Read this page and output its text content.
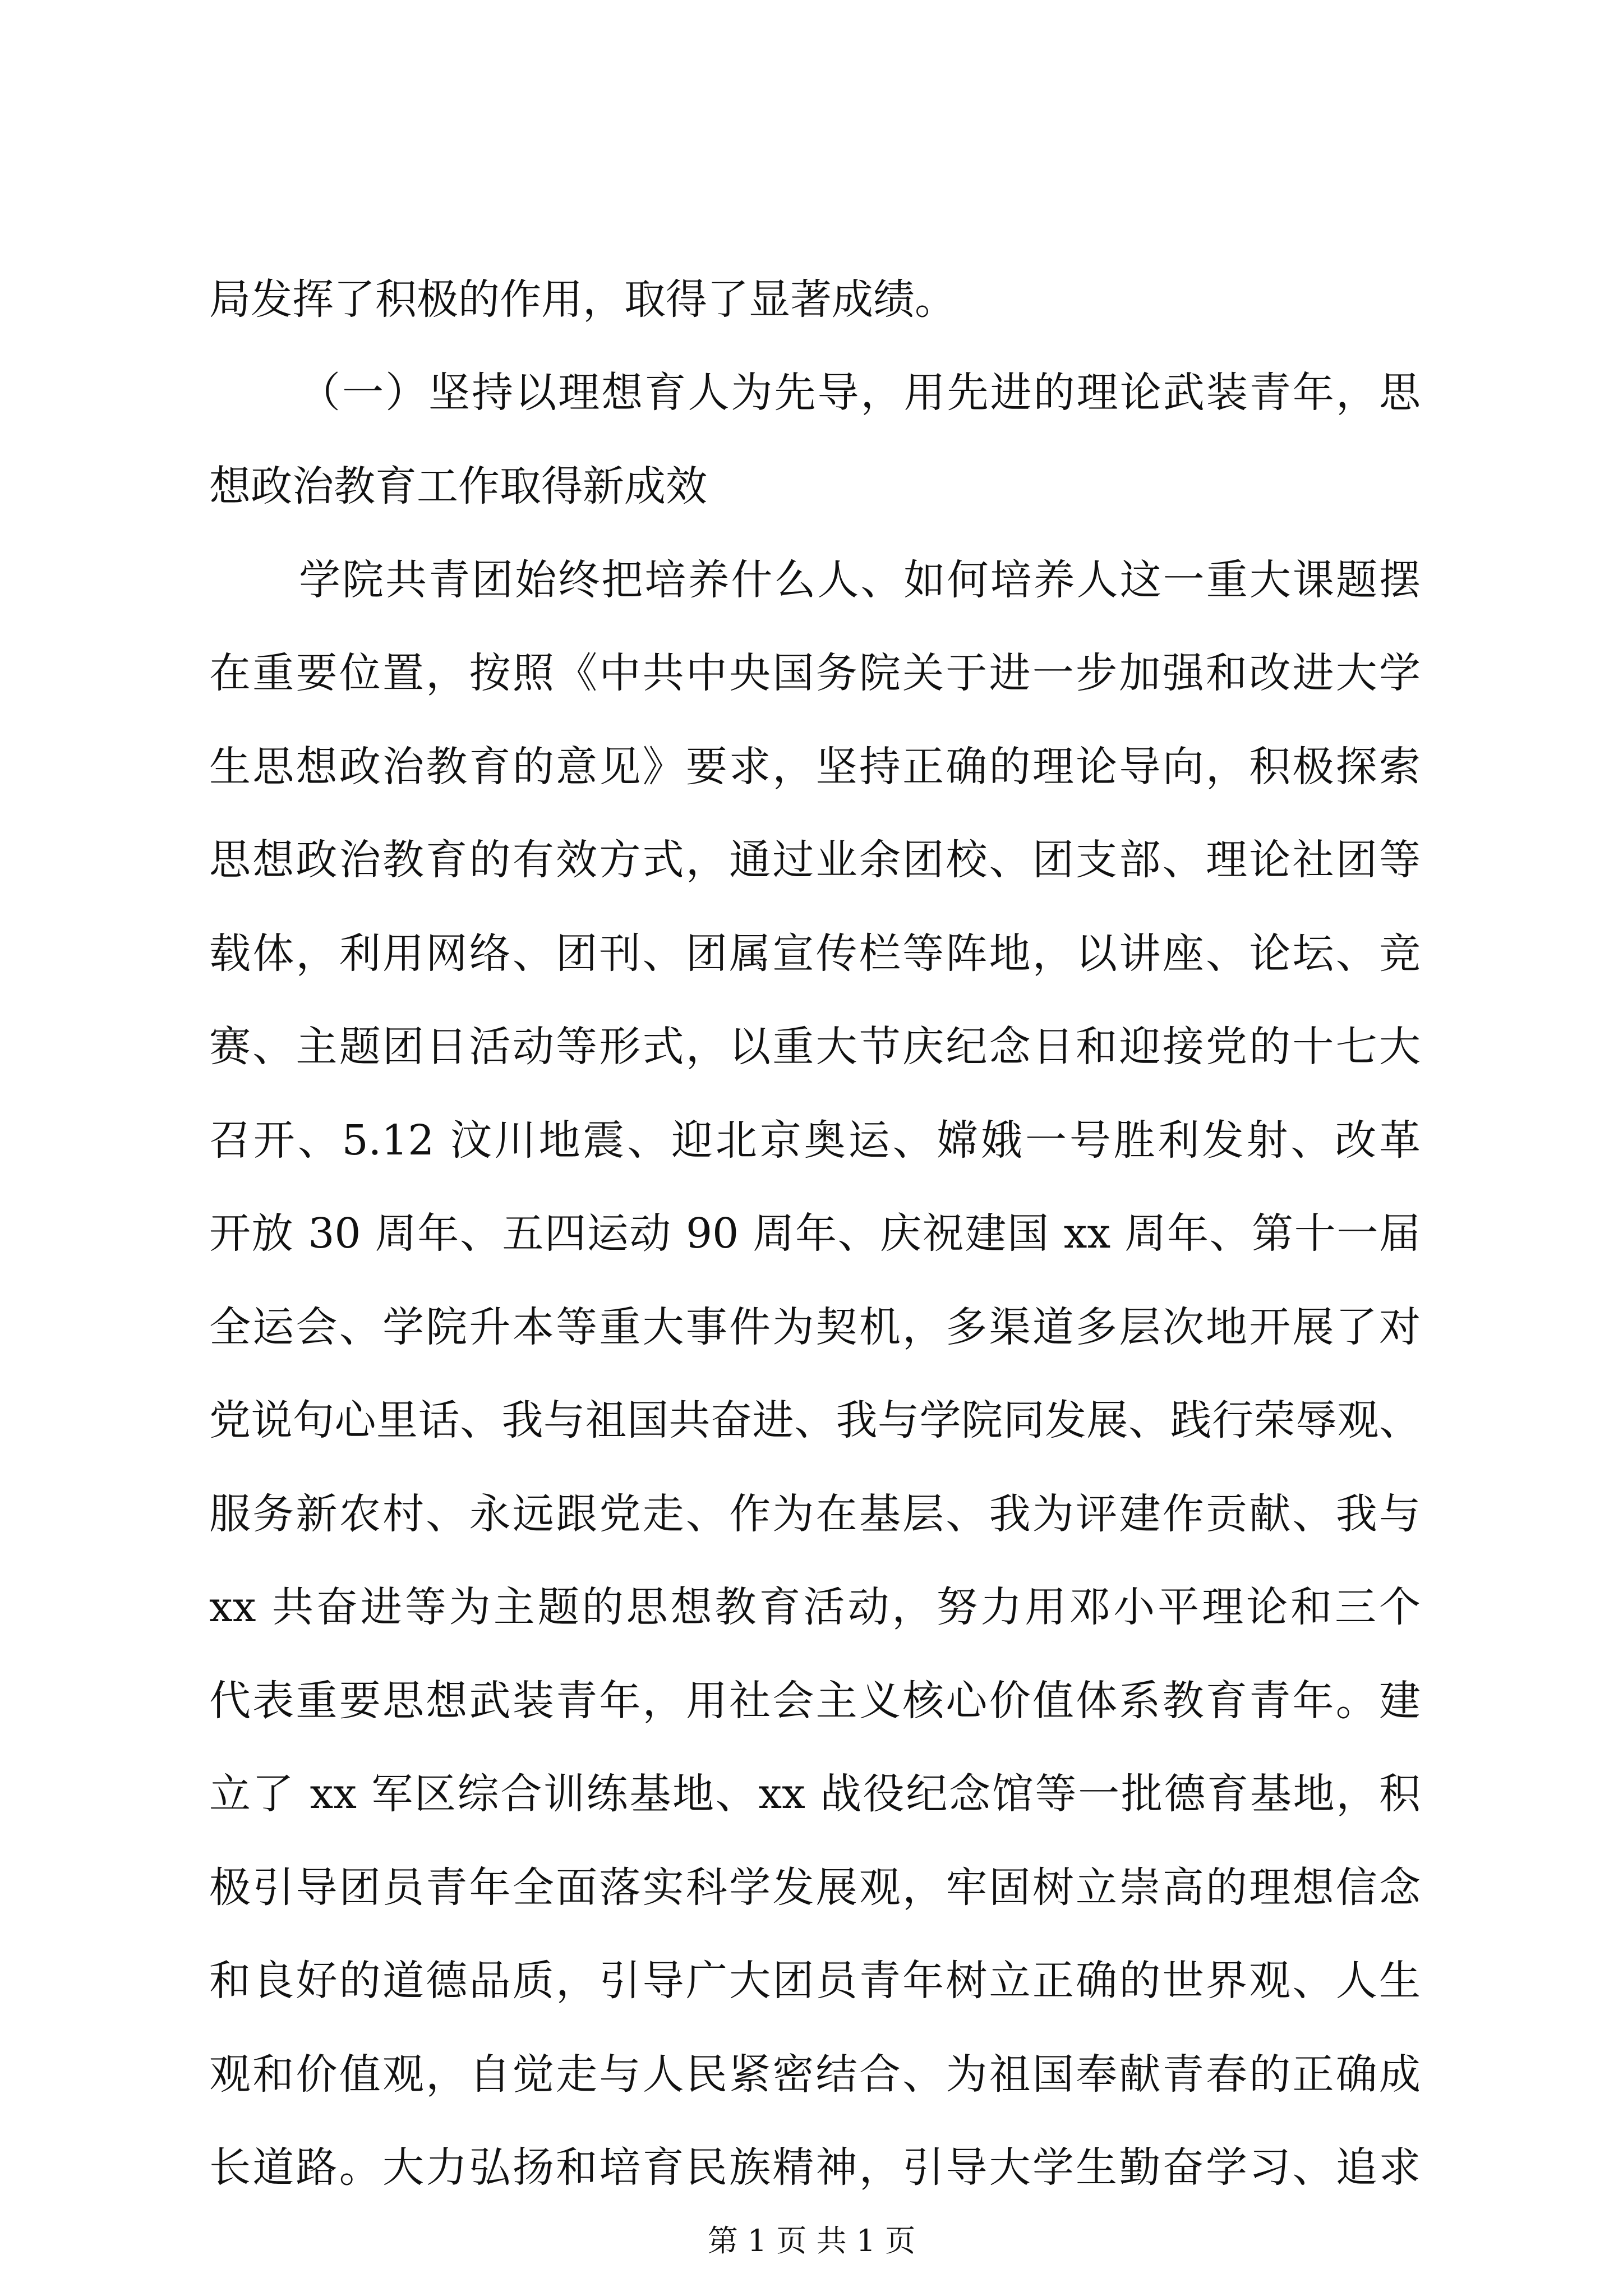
局发挥了积极的作用，取得了显著成绩。
（一）坚持以理想育人为先导，用先进的理论武装青年，思
想政治教育工作取得新成效
学院共青团始终把培养什么人、如何培养人这一重大课题摆
在重要位置，按照《中共中央国务院关于进一步加强和改进大学
生思想政治教育的意见》要求，坚持正确的理论导向，积极探索
思想政治教育的有效方式，通过业余团校、团支部、理论社团等
载体，利用网络、团刊、团属宣传栏等阵地，以讲座、论坛、竞
赛、主题团日活动等形式，以重大节庆纪念日和迎接党的十七大
召开、5.12 汶川地震、迎北京奥运、嫦娥一号胜利发射、改革
开放 30 周年、五四运动 90 周年、庆祝建国 xx 周年、第十一届
全运会、学院升本等重大事件为契机，多渠道多层次地开展了对
党说句心里话、我与祖国共奋进、我与学院同发展、践行荣辱观、
服务新农村、永远跟党走、作为在基层、我为评建作贡献、我与
xx 共奋进等为主题的思想教育活动，努力用邓小平理论和三个
代表重要思想武装青年，用社会主义核心价值体系教育青年。建
立了 xx 军区综合训练基地、xx 战役纪念馆等一批德育基地，积
极引导团员青年全面落实科学发展观，牢固树立崇高的理想信念
和良好的道德品质，引导广大团员青年树立正确的世界观、人生
观和价值观，自觉走与人民紧密结合、为祖国奉献青春的正确成
长道路。大力弘扬和培育民族精神，引导大学生勤奋学习、追求
第 1 页 共 1 页
